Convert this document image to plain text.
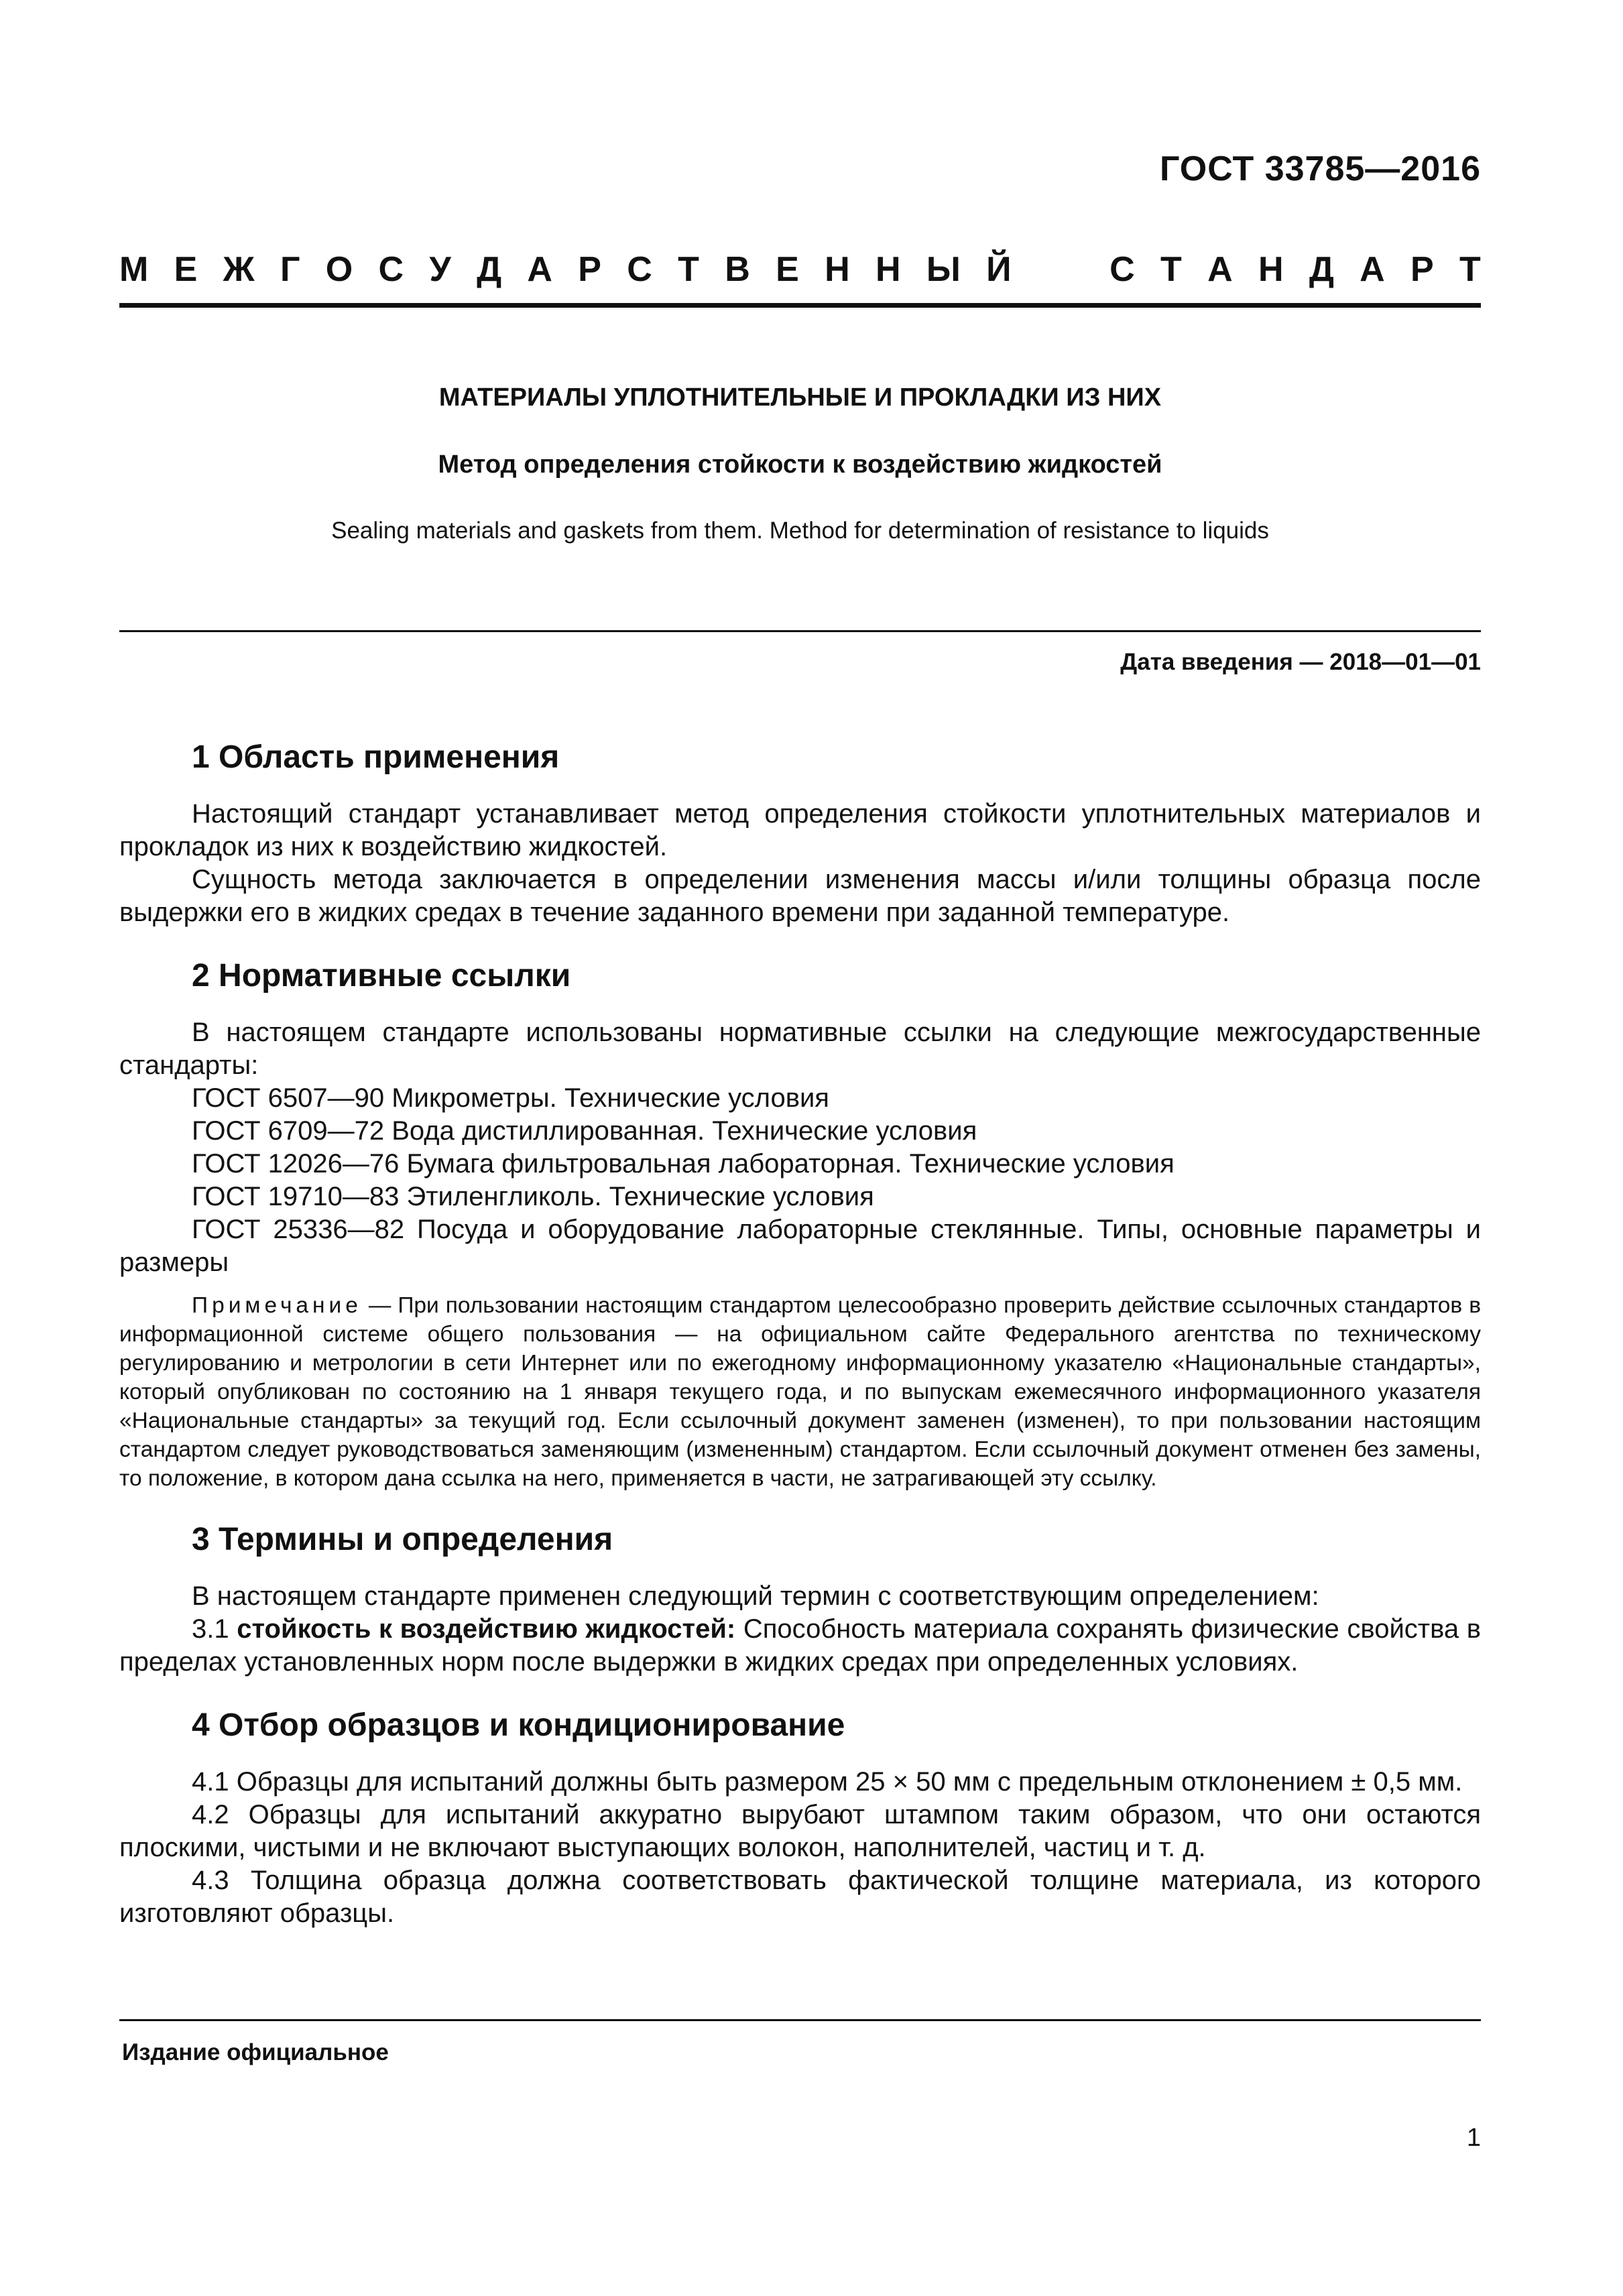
ГОСТ 33785—2016
М Е Ж Г О С У Д А Р С Т В Е Н Н Ы Й	С Т А Н Д А Р Т
МАТЕРИАЛЫ УПЛОТНИТЕЛЬНЫЕ И ПРОКЛАДКИ ИЗ НИХ
Метод определения стойкости к воздействию жидкостей
Sealing materials and gaskets from them. Method for determination of resistance to liquids
Дата введения — 2018—01—01
1 Область применения

Настоящий стандарт устанавливает метод определения стойкости уплотнительных материалов и прокладок из них к воздействию жидкостей.

Сущность метода заключается в определении изменения массы и/или толщины образца после выдержки его в жидких средах в течение заданного времени при заданной температуре.

2 Нормативные ссылки

В настоящем стандарте использованы нормативные ссылки на следующие межгосударственные стандарты:

ГОСТ 6507—90 Микрометры. Технические условия

ГОСТ 6709—72 Вода дистиллированная. Технические условия

ГОСТ 12026—76 Бумага фильтровальная лабораторная. Технические условия

ГОСТ 19710—83 Этиленгликоль. Технические условия

ГОСТ 25336—82 Посуда и оборудование лабораторные стеклянные. Типы, основные параметры и размеры

Примечание — При пользовании настоящим стандартом целесообразно проверить действие ссылочных стандартов в информационной системе общего пользования — на официальном сайте Федерального агентства по техническому регулированию и метрологии в сети Интернет или по ежегодному информационному указателю «Национальные стандарты», который опубликован по состоянию на 1 января текущего года, и по выпускам ежемесячного информационного указателя «Национальные стандарты» за текущий год. Если ссылочный документ заменен (изменен), то при пользовании настоящим стандартом следует руководствоваться заменяющим (измененным) стандартом. Если ссылочный документ отменен без замены, то положение, в котором дана ссылка на него, применяется в части, не затрагивающей эту ссылку.

3 Термины и определения

В настоящем стандарте применен следующий термин с соответствующим определением:

3.1 стойкость к воздействию жидкостей: Способность материала сохранять физические свойства в пределах установленных норм после выдержки в жидких средах при определенных условиях.

4 Отбор образцов и кондиционирование

4.1 Образцы для испытаний должны быть размером 25 × 50 мм с предельным отклонением ± 0,5 мм.

4.2 Образцы для испытаний аккуратно вырубают штампом таким образом, что они остаются плоскими, чистыми и не включают выступающих волокон, наполнителей, частиц и т. д.

4.3 Толщина образца должна соответствовать фактической толщине материала, из которого изготовляют образцы.

Издание официальное
1
